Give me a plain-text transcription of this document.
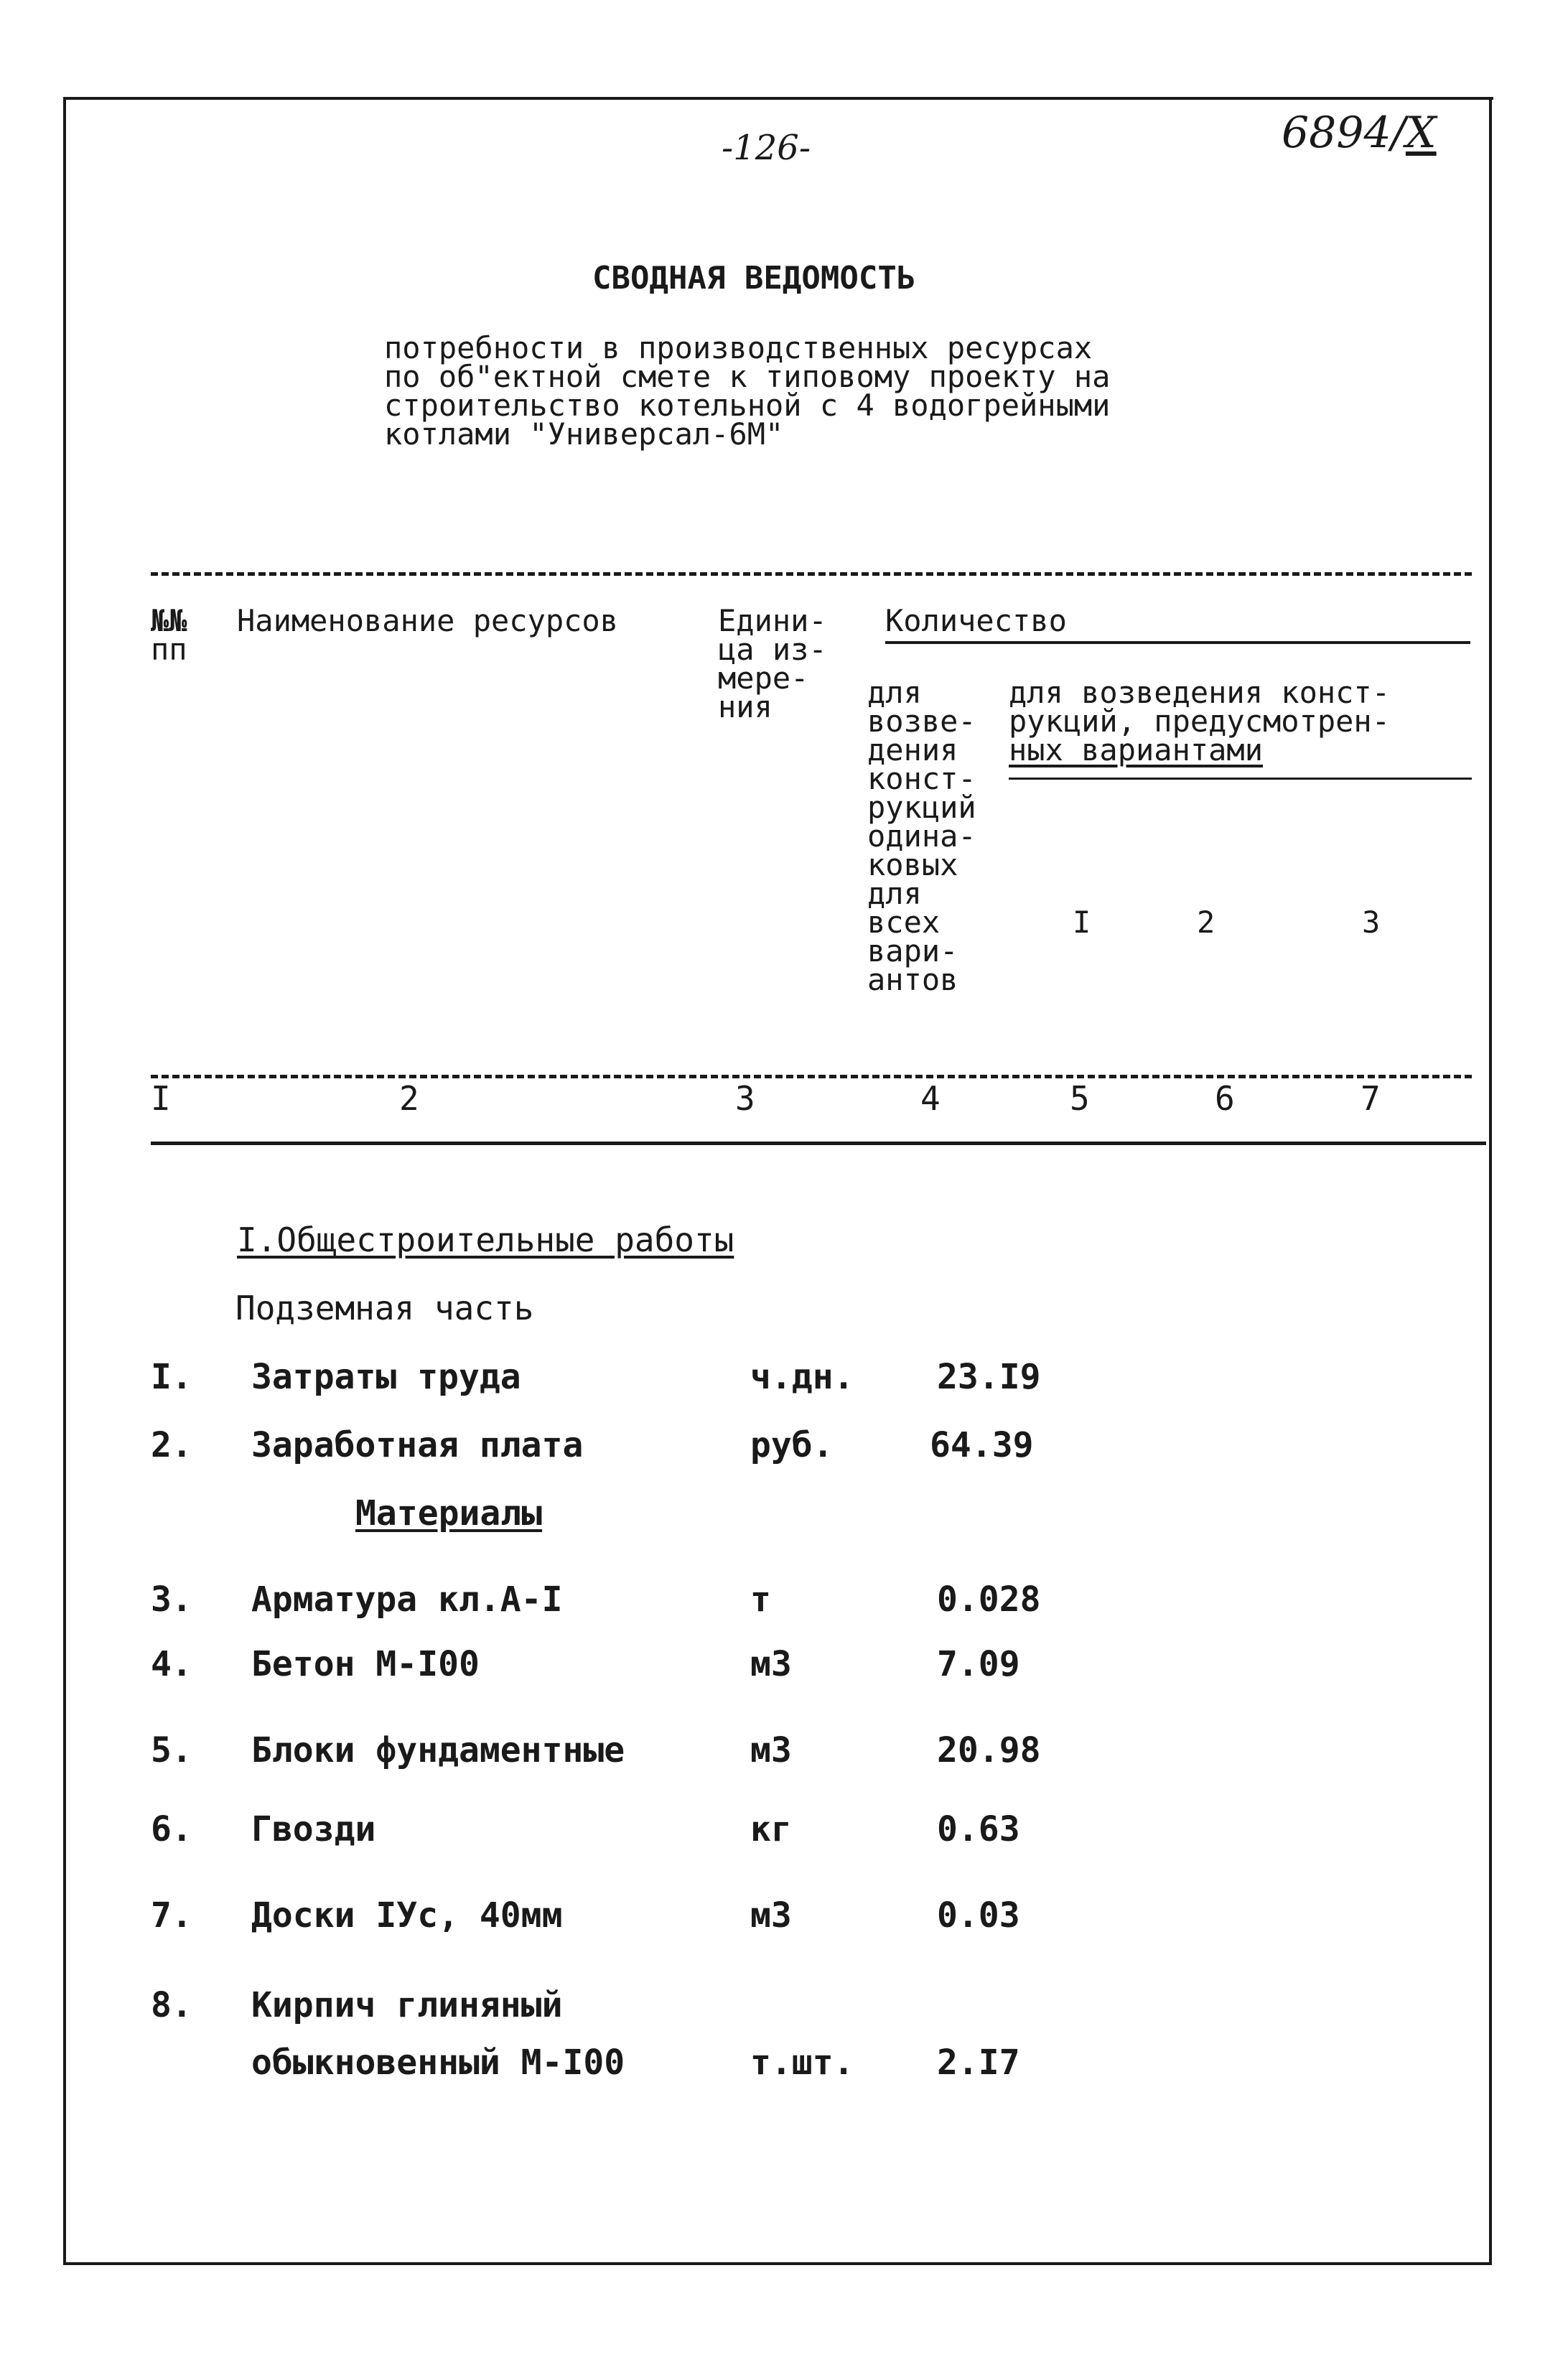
-126-	6894/X
СВОДНАЯ ВЕДОМОСТЬ
потребности в производственных ресурсах
по об"ектной смете к типовому проекту на
строительство котельной с 4 водогрейными
котлами "Универсал-6М"
№№
пп
Наименование ресурсов	Едини-
ца из-
мере-
ния
Количество
для
возве-
дения
конст-
рукций
одина-
ковых
для
всех
вари-
антов
для возведения конст-
рукций, предусмотрен-
ных вариантами
I	2	3
I	2	3	4	5	6	7
I.Общестроительные работы
Подземная часть
I. Затраты труда	ч.дн. 23.I9
2. Заработная плата	руб.	64.39
Материалы
3. Арматура кл.А-I	т	0.028
4. Бетон М-I00	м3	7.09
5. Блоки фундаментные	м3	20.98
6. Гвозди	кг	0.63
7. Доски IУс, 40мм	м3	0.03
8. Кирпич глиняный
обыкновенный М-I00	т.шт. 2.I7
